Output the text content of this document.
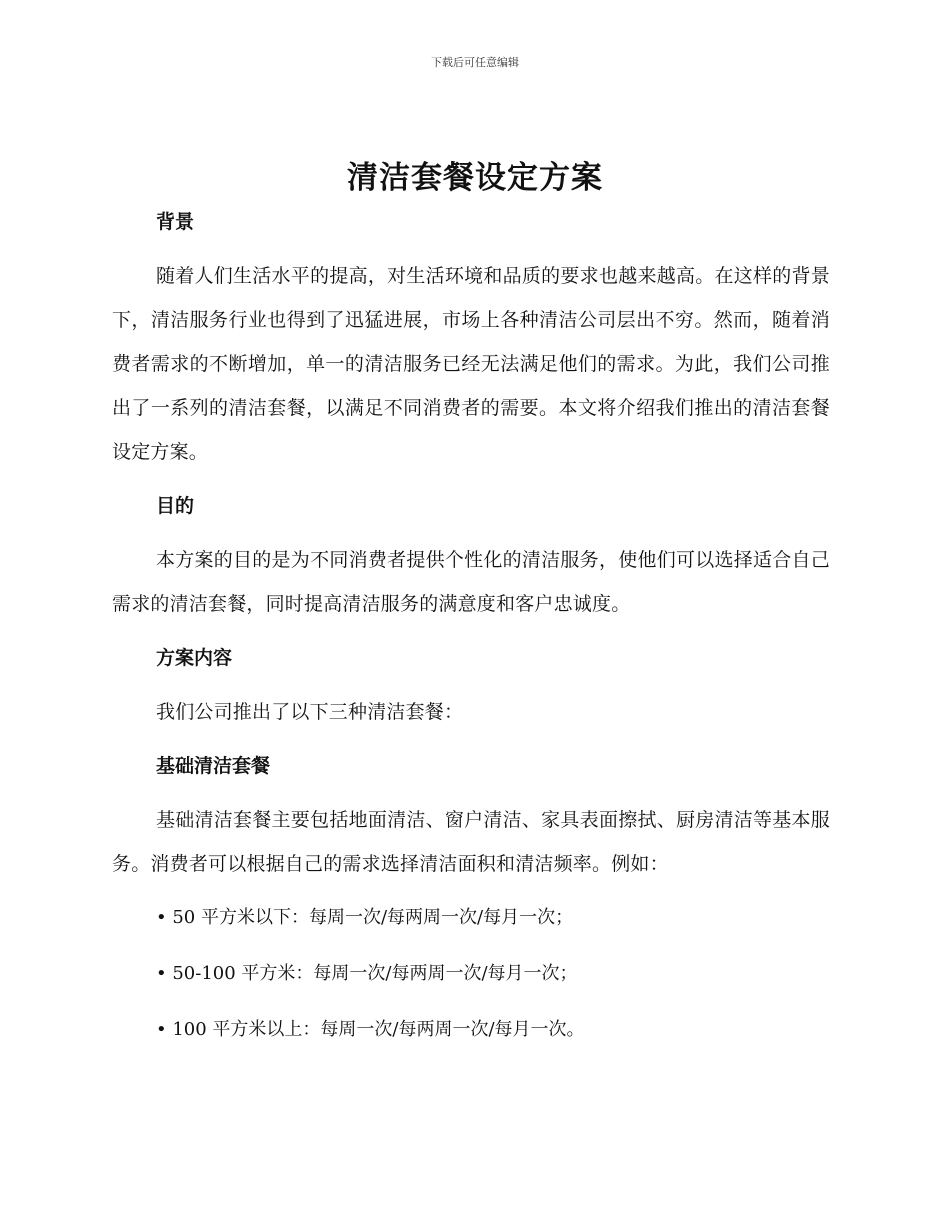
下载后可任意编辑
清洁套餐设定方案
背景

随着人们生活水平的提高，对生活环境和品质的要求也越来越高。在这样的背景下，清洁服务行业也得到了迅猛进展，市场上各种清洁公司层出不穷。然而，随着消费者需求的不断增加，单一的清洁服务已经无法满足他们的需求。为此，我们公司推出了一系列的清洁套餐，以满足不同消费者的需要。本文将介绍我们推出的清洁套餐设定方案。

目的

本方案的目的是为不同消费者提供个性化的清洁服务，使他们可以选择适合自己需求的清洁套餐，同时提高清洁服务的满意度和客户忠诚度。

方案内容

我们公司推出了以下三种清洁套餐：

基础清洁套餐

基础清洁套餐主要包括地面清洁、窗户清洁、家具表面擦拭、厨房清洁等基本服务。消费者可以根据自己的需求选择清洁面积和清洁频率。例如：

• 50 平方米以下：每周一次/每两周一次/每月一次；
• 50-100 平方米：每周一次/每两周一次/每月一次；
• 100 平方米以上：每周一次/每两周一次/每月一次。
